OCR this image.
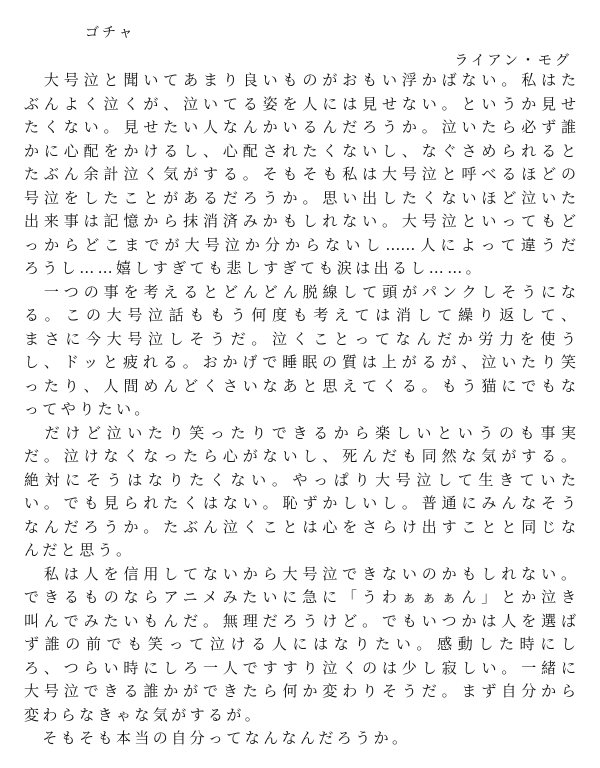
ゴチャ
ライアン・モグ
　大号泣と聞いてあまり良いものがおもい浮かばない。私はた
ぶんよく泣くが、泣いてる姿を人には見せない。というか見せ
たくない。見せたい人なんかいるんだろうか。泣いたら必ず誰
かに心配をかけるし、心配されたくないし、なぐさめられると
たぶん余計泣く気がする。そもそも私は大号泣と呼べるほどの
号泣をしたことがあるだろうか。思い出したくないほど泣いた
出来事は記憶から抹消済みかもしれない。大号泣といってもど
っからどこまでが大号泣か分からないし……人によって違うだ
ろうし……嬉しすぎても悲しすぎても涙は出るし……。
　一つの事を考えるとどんどん脱線して頭がパンクしそうにな
る。この大号泣話ももう何度も考えては消して繰り返して、
まさに今大号泣しそうだ。泣くことってなんだか労力を使う
し、ドッと疲れる。おかげで睡眠の質は上がるが、泣いたり笑
ったり、人間めんどくさいなあと思えてくる。もう猫にでもな
ってやりたい。
　だけど泣いたり笑ったりできるから楽しいというのも事実
だ。泣けなくなったら心がないし、死んだも同然な気がする。
絶対にそうはなりたくない。やっぱり大号泣して生きていた
い。でも見られたくはない。恥ずかしいし。普通にみんなそう
なんだろうか。たぶん泣くことは心をさらけ出すことと同じな
んだと思う。
　私は人を信用してないから大号泣できないのかもしれない。
できるものならアニメみたいに急に「うわぁぁぁん」とか泣き
叫んでみたいもんだ。無理だろうけど。でもいつかは人を選ば
ず誰の前でも笑って泣ける人にはなりたい。感動した時にし
ろ、つらい時にしろ一人ですすり泣くのは少し寂しい。一緒に
大号泣できる誰かができたら何か変わりそうだ。まず自分から
変わらなきゃな気がするが。
　そもそも本当の自分ってなんなんだろうか。
